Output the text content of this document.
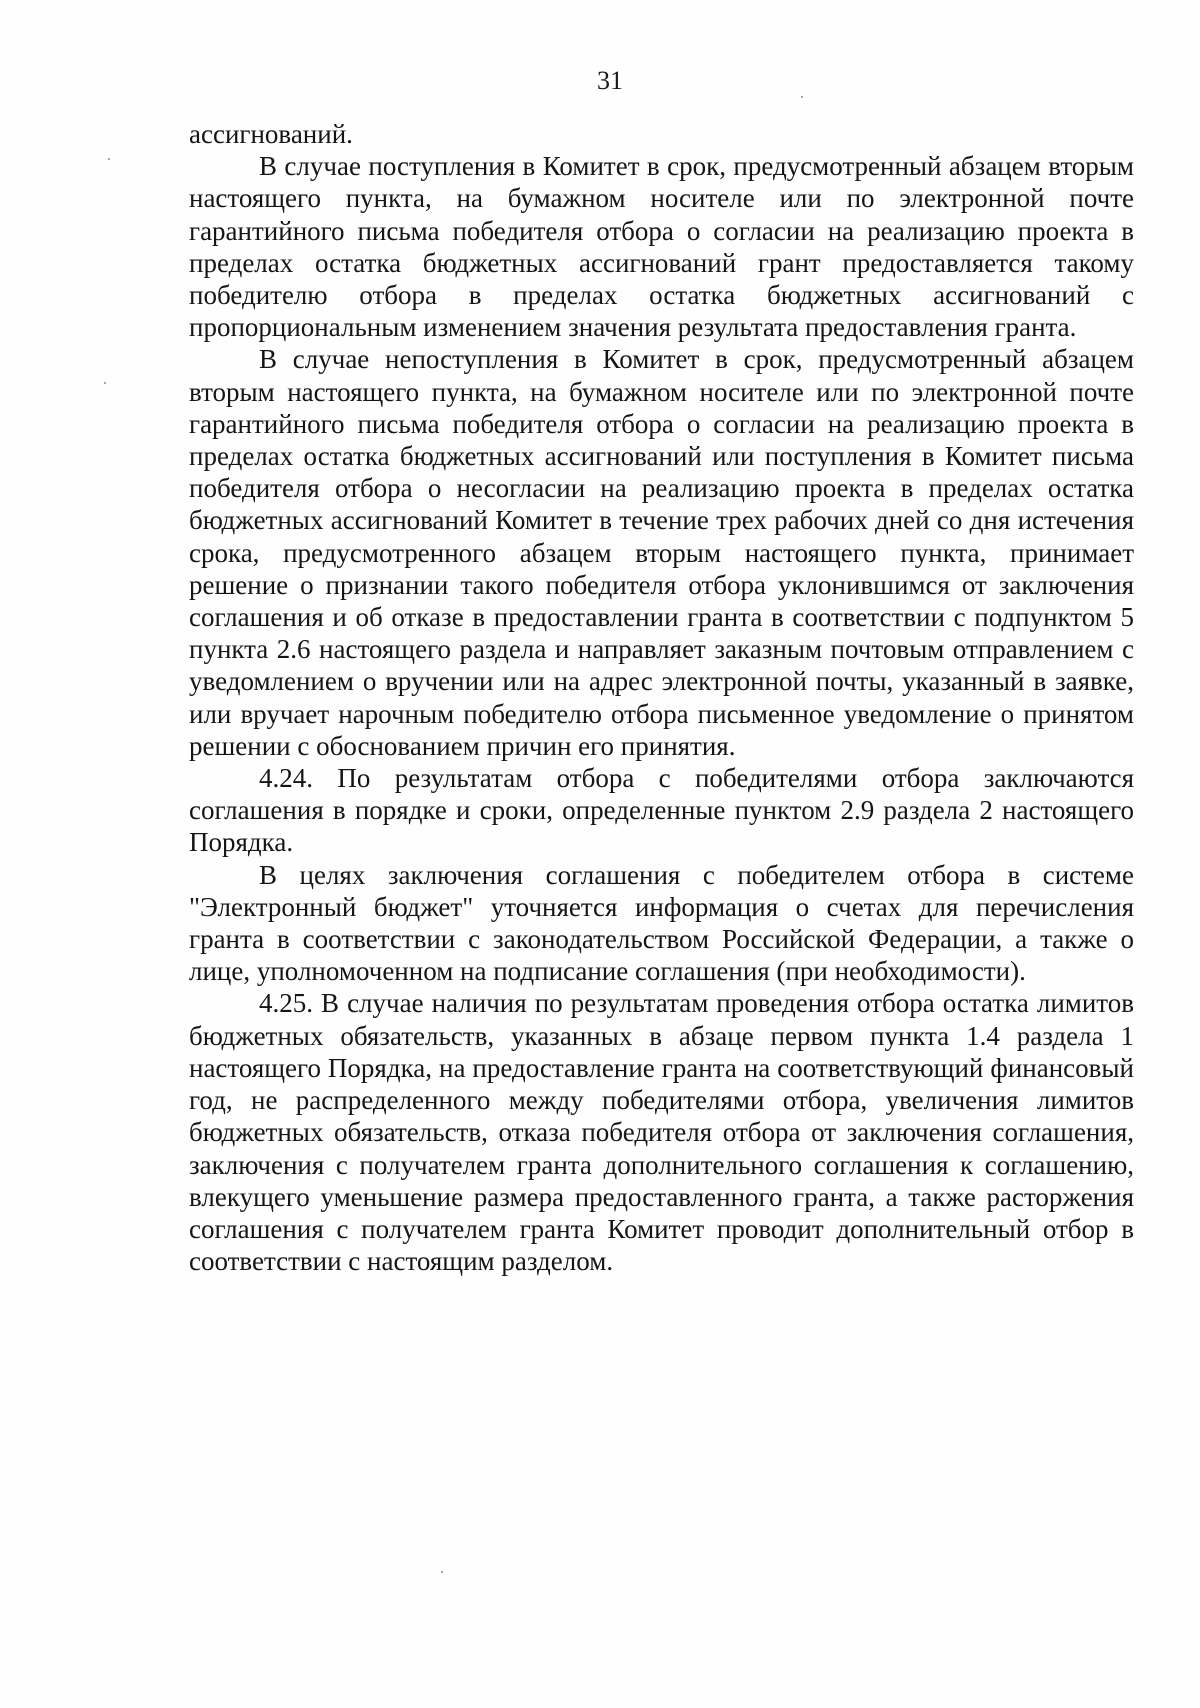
31

ассигнований.

В случае поступления в Комитет в срок, предусмотренный абзацем вторым настоящего пункта, на бумажном носителе или по электронной почте гарантийного письма победителя отбора о согласии на реализацию проекта в пределах остатка бюджетных ассигнований грант предоставляется такому победителю отбора в пределах остатка бюджетных ассигнований с пропорциональным изменением значения результата предоставления гранта.

В случае непоступления в Комитет в срок, предусмотренный абзацем вторым настоящего пункта, на бумажном носителе или по электронной почте гарантийного письма победителя отбора о согласии на реализацию проекта в пределах остатка бюджетных ассигнований или поступления в Комитет письма победителя отбора о несогласии на реализацию проекта в пределах остатка бюджетных ассигнований Комитет в течение трех рабочих дней со дня истечения срока, предусмотренного абзацем вторым настоящего пункта, принимает решение о признании такого победителя отбора уклонившимся от заключения соглашения и об отказе в предоставлении гранта в соответствии с подпунктом 5 пункта 2.6 настоящего раздела и направляет заказным почтовым отправлением с уведомлением о вручении или на адрес электронной почты, указанный в заявке, или вручает нарочным победителю отбора письменное уведомление о принятом решении с обоснованием причин его принятия.

4.24. По результатам отбора с победителями отбора заключаются соглашения в порядке и сроки, определенные пунктом 2.9 раздела 2 настоящего Порядка.

В целях заключения соглашения с победителем отбора в системе "Электронный бюджет" уточняется информация о счетах для перечисления гранта в соответствии с законодательством Российской Федерации, а также о лице, уполномоченном на подписание соглашения (при необходимости).

4.25. В случае наличия по результатам проведения отбора остатка лимитов бюджетных обязательств, указанных в абзаце первом пункта 1.4 раздела 1 настоящего Порядка, на предоставление гранта на соответствующий финансовый год, не распределенного между победителями отбора, увеличения лимитов бюджетных обязательств, отказа победителя отбора от заключения соглашения, заключения с получателем гранта дополнительного соглашения к соглашению, влекущего уменьшение размера предоставленного гранта, а также расторжения соглашения с получателем гранта Комитет проводит дополнительный отбор в соответствии с настоящим разделом.
